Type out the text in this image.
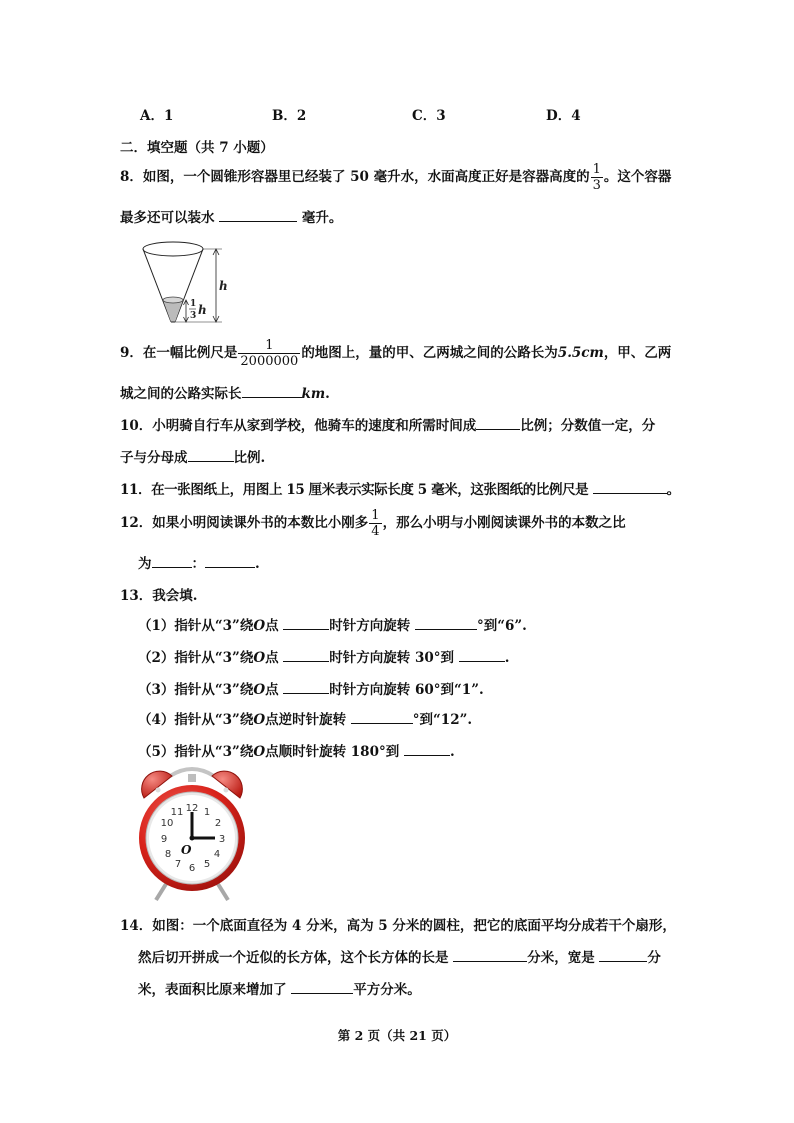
A．1	B．2	C．3	D．4
二．填空题（共 7 小题）
8．如图，一个圆锥形容器里已经装了 50 毫升水，水面高度正好是容器高度的 $\frac{1}{3}$ 。这个容器
最多还可以装水	毫升。
h
1
3 h
9．在一幅比例尺是 $\frac{1}{2000000}$ 的地图上，量的甲、乙两城之间的公路长为5.5cm，甲、乙两
城之间的公路实际长	km.
10．小明骑自行车从家到学校，他骑车的速度和所需时间成	比例；分数值一定，分
子与分母成	比例.
11．在一张图纸上，用图上 15 厘米表示实际长度 5 毫米，这张图纸的比例尺是	。
12．如果小明阅读课外书的本数比小刚多 $\frac{1}{4}$ ，那么小明与小刚阅读课外书的本数之比
为	：	.
13．我会填.
（1）指针从“3”绕O点	时针方向旋转	°到“6”.
（2）指针从“3”绕O点	时针方向旋转 30°到	.
（3）指针从“3”绕O点	时针方向旋转 60°到“1”.
（4）指针从“3”绕O点逆时针旋转	°到“12”.
（5）指针从“3”绕O点顺时针旋转 180°到	.
12
11 1
10	2
9	3
8	4
7 5
6
O
14．如图：一个底面直径为 4 分米，高为 5 分米的圆柱，把它的底面平均分成若干个扇形，
然后切开拼成一个近似的长方体，这个长方体的长是	分米，宽是	分
米，表面积比原来增加了	平方分米。
第 2 页（共 21 页）
